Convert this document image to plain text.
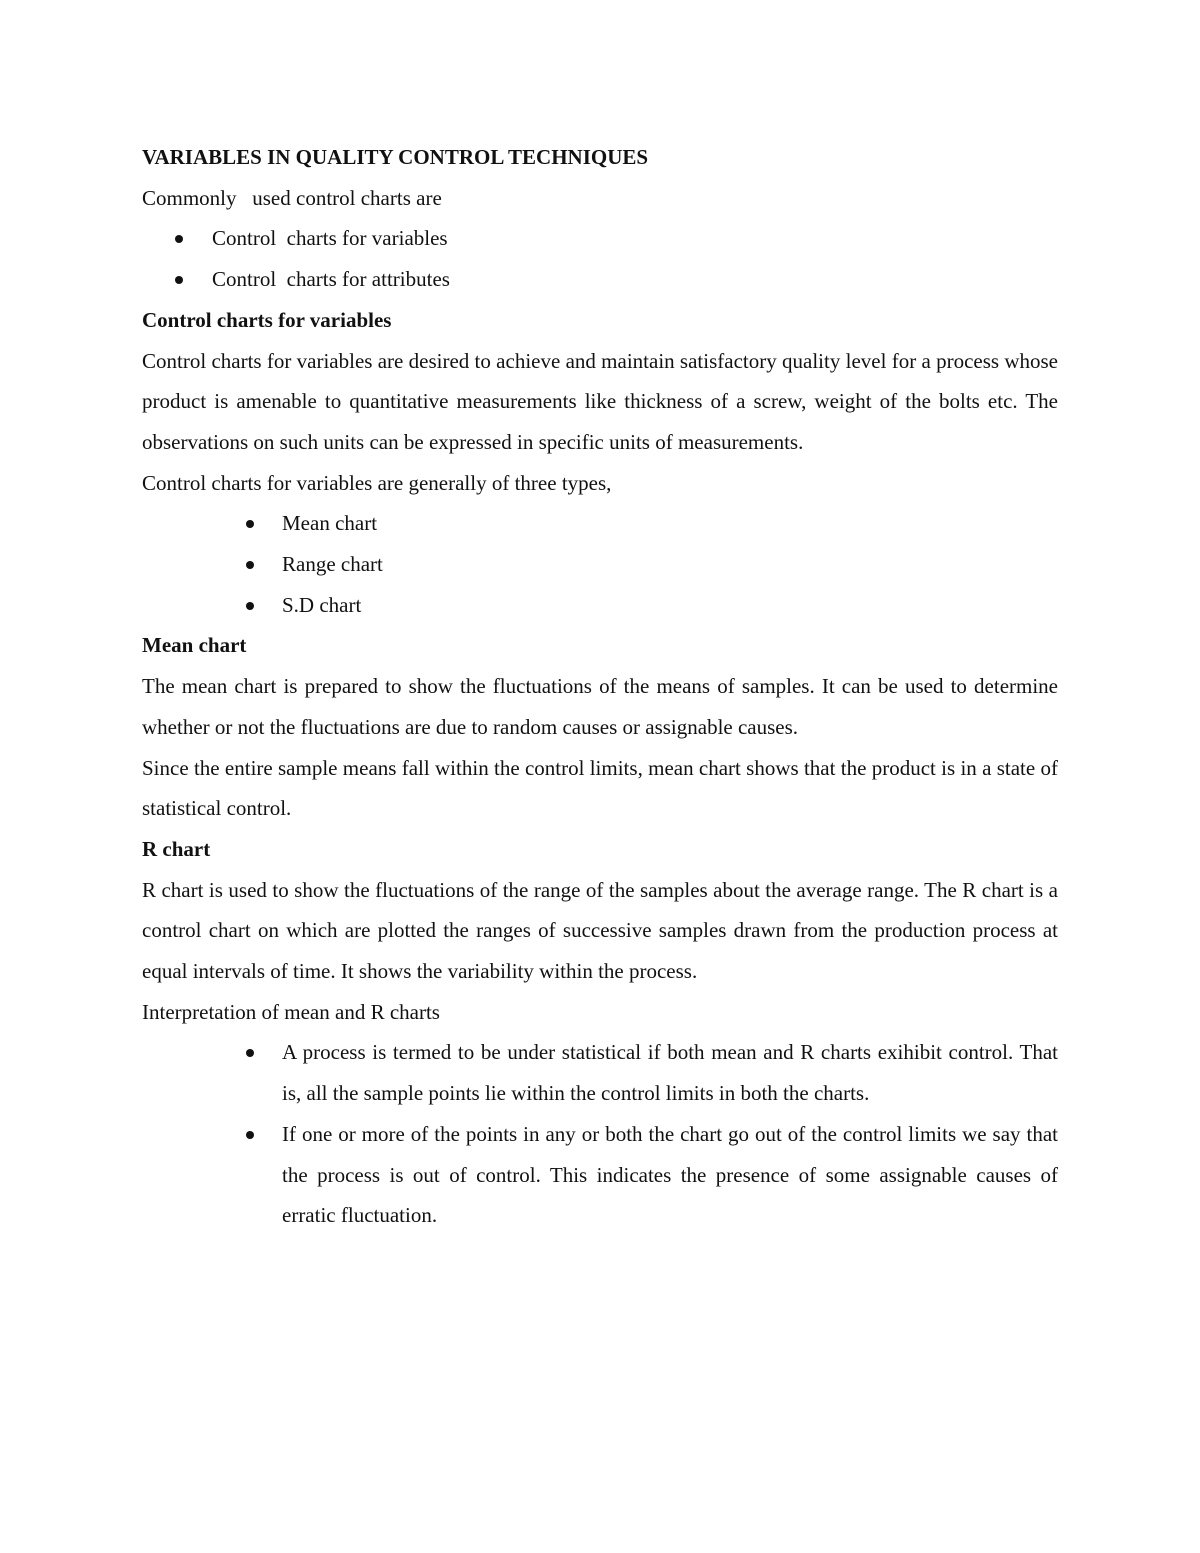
VARIABLES IN QUALITY CONTROL TECHNIQUES
Commonly   used control charts are
Control  charts for variables
Control  charts for attributes
Control charts for variables
Control charts for variables are desired to achieve and maintain satisfactory quality level for a process whose product is amenable to quantitative measurements like thickness of a screw, weight of the bolts etc. The observations on such units can be expressed in specific units of measurements.
Control charts for variables are generally of three types,
Mean chart
Range chart
S.D chart
Mean chart
The mean chart is prepared to show the fluctuations of the means of samples. It can be used to determine whether or not the fluctuations are due to random causes or assignable causes.
Since the entire sample means fall within the control limits, mean chart shows that the product is in a state of statistical control.
R chart
R chart is used to show the fluctuations of the range of the samples about the average range. The R chart is a control chart on which are plotted the ranges of successive samples drawn from the production process at equal intervals of time. It shows the variability within the process.
Interpretation of mean and R charts
A process is termed to be under statistical if both mean and R charts exihibit control. That is, all the sample points lie within the control limits in both the charts.
If one or more of the points in any or both the chart go out of the control limits we say that the process is out of control. This indicates the presence of some assignable causes of erratic fluctuation.
